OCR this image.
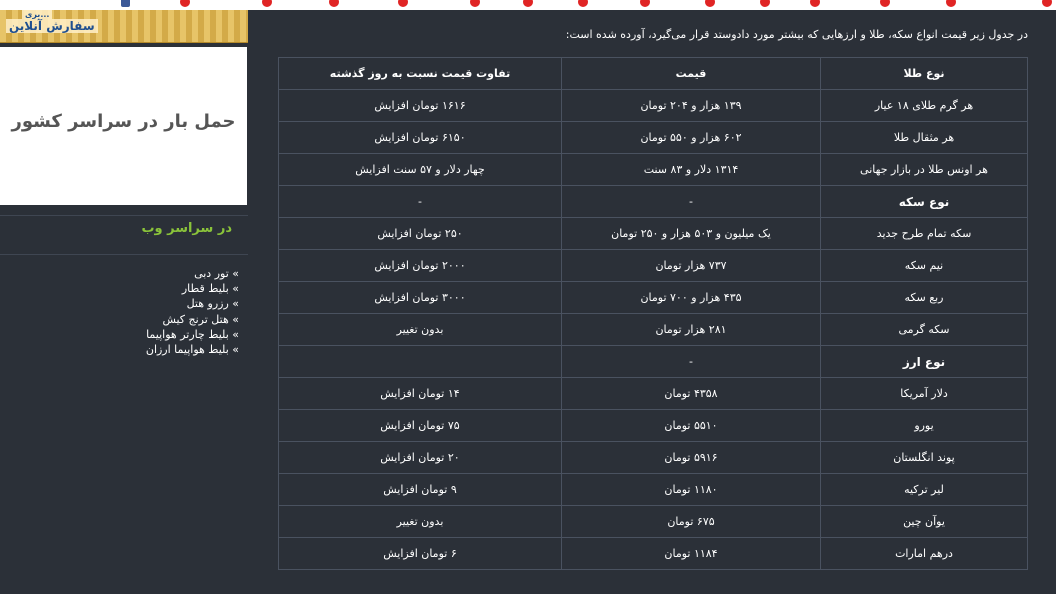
...بری
سفارش آنلاین
حمل بار در سراسر کشور
در سراسر وب
» تور دبی
» بلیط قطار
» رزرو هتل
» هتل ترنج کیش
» بلیط چارتر هواپیما
» بلیط هواپیما ارزان
در جدول زیر قیمت انواع سکه، طلا و ارزهایی که بیشتر مورد دادوستد قرار می‌گیرد، آورده شده است:
نوع طلا	قیمت	تفاوت قیمت نسبت به روز گذشته
هر گرم طلای ۱۸ عیار	۱۳۹ هزار و ۲۰۴ تومان	۱۶۱۶ تومان افزایش
هر مثقال طلا	۶۰۲ هزار و ۵۵۰ تومان	۶۱۵۰ تومان افزایش
هر اونس طلا در بازار جهانی	۱۳۱۴ دلار و ۸۳ سنت	چهار دلار و ۵۷ سنت افزایش
نوع سکه	-	-
سکه تمام طرح جدید	یک میلیون و ۵۰۳ هزار و ۲۵۰ تومان	۲۵۰ تومان افزایش
نیم سکه	۷۳۷ هزار تومان	۲۰۰۰ تومان افزایش
ربع سکه	۴۳۵ هزار و ۷۰۰ تومان	۳۰۰۰ تومان افزایش
سکه گرمی	۲۸۱ هزار تومان	بدون تغییر
نوع ارز	-	
دلار آمریکا	۴۳۵۸ تومان	۱۴ تومان افزایش
یورو	۵۵۱۰ تومان	۷۵ تومان افزایش
پوند انگلستان	۵۹۱۶ تومان	۲۰ تومان افزایش
لیر ترکیه	۱۱۸۰ تومان	۹ تومان افزایش
یوآن چین	۶۷۵ تومان	بدون تغییر
درهم امارات	۱۱۸۴ تومان	۶ تومان افزایش
